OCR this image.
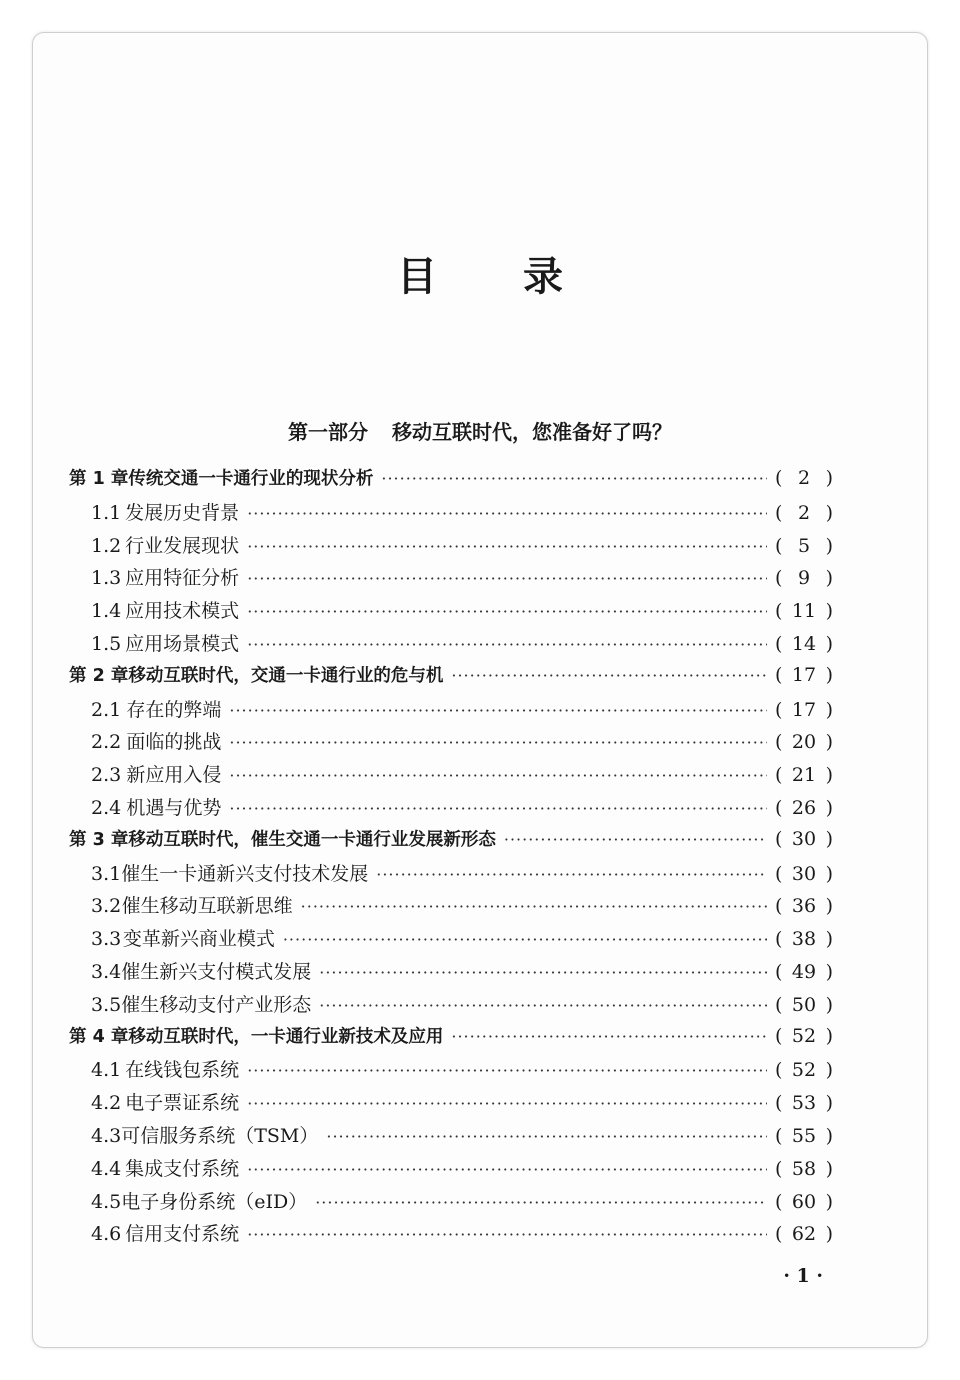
目 录
第一部分 移动互联时代，您准备好了吗？
第 1 章 传统交通一卡通行业的现状分析 ·····	( 2 )
1.1 发展历史背景 ·····	( 2 )
1.2 行业发展现状 ·····	( 5 )
1.3 应用特征分析 ·····	( 9 )
1.4 应用技术模式 ·····	( 11 )
1.5 应用场景模式 ·····	( 14 )
第 2 章 移动互联时代，交通一卡通行业的危与机 ·····	( 17 )
2.1 存在的弊端 ·····	( 17 )
2.2 面临的挑战 ·····	( 20 )
2.3 新应用入侵 ·····	( 21 )
2.4 机遇与优势 ·····	( 26 )
第 3 章 移动互联时代，催生交通一卡通行业发展新形态 ·····	( 30 )
3.1 催生一卡通新兴支付技术发展 ·····	( 30 )
3.2 催生移动互联新思维 ·····	( 36 )
3.3 变革新兴商业模式 ·····	( 38 )
3.4 催生新兴支付模式发展 ·····	( 49 )
3.5 催生移动支付产业形态 ·····	( 50 )
第 4 章 移动互联时代，一卡通行业新技术及应用 ·····	( 52 )
4.1 在线钱包系统 ·····	( 52 )
4.2 电子票证系统 ·····	( 53 )
4.3 可信服务系统（TSM） ·····	( 55 )
4.4 集成支付系统 ·····	( 58 )
4.5 电子身份系统（eID） ·····	( 60 )
4.6 信用支付系统 ·····	( 62 )
· 1 ·
